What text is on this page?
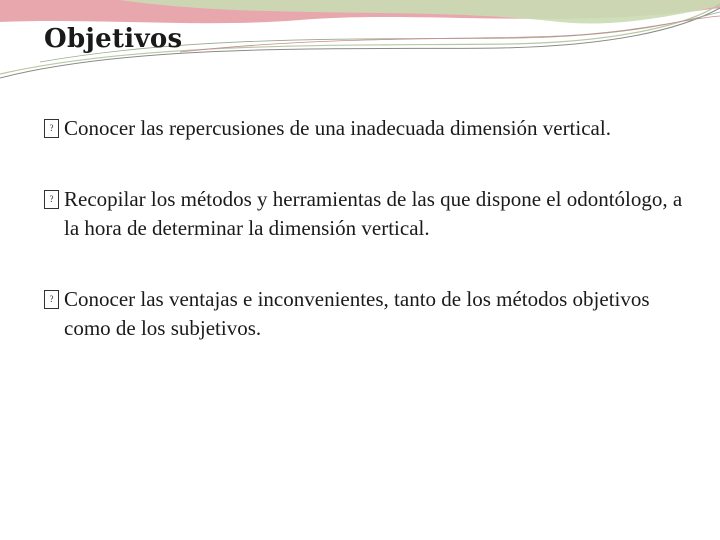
Objetivos
? Conocer las repercusiones de una inadecuada dimensión vertical.
? Recopilar los métodos y herramientas de las que dispone el odontólogo, a la hora de determinar la dimensión vertical.
? Conocer las ventajas e inconvenientes, tanto de los métodos objetivos como de los subjetivos.
